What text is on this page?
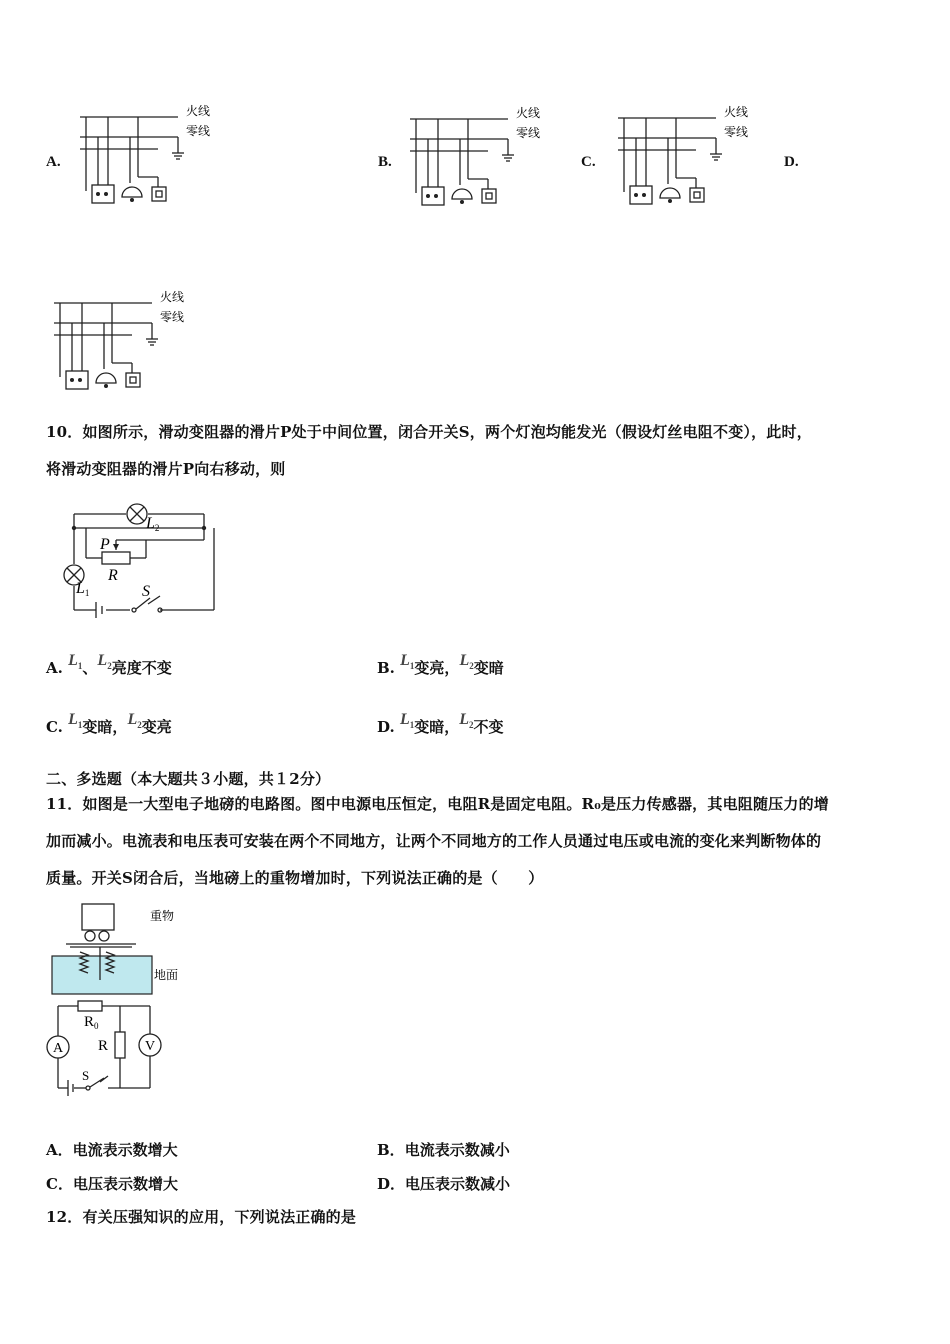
A.	B.	C.	D.
火线
零线
火线
零线
火线
零线
火线
零线
10．如图所示，滑动变阻器的滑片P处于中间位置，闭合开关S，两个灯泡均能发光（假设灯丝电阻不变），此时，
将滑动变阻器的滑片P向右移动，则
L2
L1
P
R
S
A. $L_1$、$L_2$亮度不变	B. $L_1$变亮，$L_2$变暗
C. $L_1$变暗，$L_2$变亮	D. $L_1$变暗，$L_2$不变
二、多选题（本大题共３小题，共１2分）
11．如图是一大型电子地磅的电路图。图中电源电压恒定，电阻R是固定电阻。R₀是压力传感器，其电阻随压力的增
加而减小。电流表和电压表可安装在两个不同地方，让两个不同地方的工作人员通过电压或电流的变化来判断物体的
质量。开关S闭合后，当地磅上的重物增加时，下列说法正确的是（　　）
重物
地面
$R_0$
R
A	V
S
A．电流表示数增大	B．电流表示数减小
C．电压表示数增大	D．电压表示数减小
12．有关压强知识的应用，下列说法正确的是
